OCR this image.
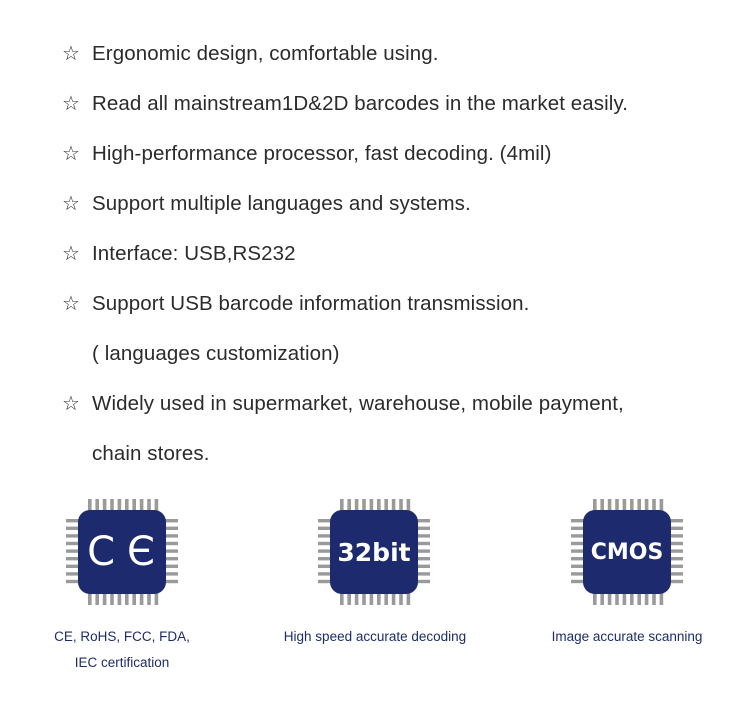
☆ Ergonomic design, comfortable using.
☆ Read all mainstream1D&2D barcodes in the market easily.
☆ High-performance processor, fast decoding. (4mil)
☆ Support multiple languages and systems.
☆ Interface: USB,RS232
☆ Support USB barcode information transmission.
( languages customization)
☆ Widely used in supermarket, warehouse, mobile payment,
chain stores.
C Є
CE, RoHS, FCC, FDA,
IEC certification
32bit
High speed accurate decoding
CMOS
Image accurate scanning
